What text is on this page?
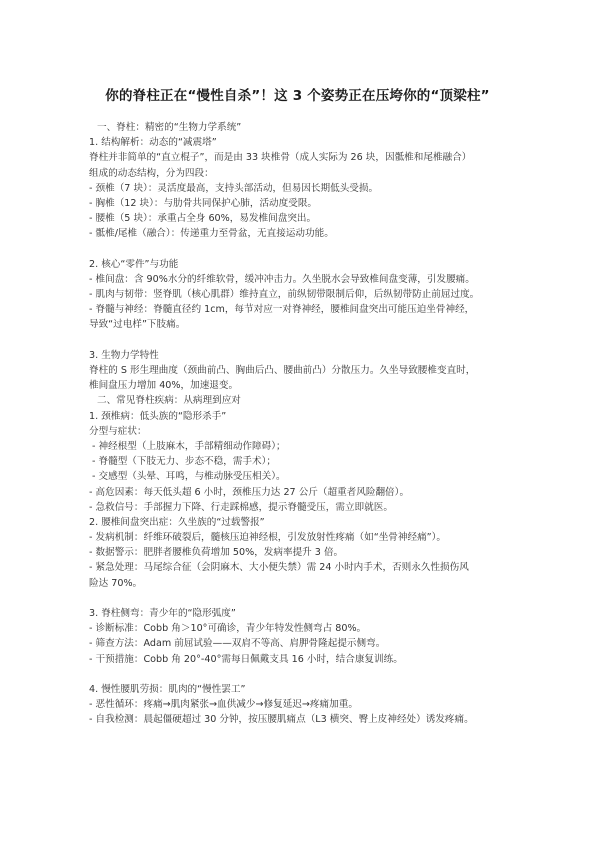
你的脊柱正在“慢性自杀”！这 3 个姿势正在压垮你的“顶梁柱”
一、脊柱：精密的“生物力学系统”
1. 结构解析：动态的“减震塔”
脊柱并非简单的“直立棍子”，而是由 33 块椎骨（成人实际为 26 块，因骶椎和尾椎融合）
组成的动态结构，分为四段：
- 颈椎（7 块）：灵活度最高，支持头部活动，但易因长期低头受损。
- 胸椎（12 块）：与肋骨共同保护心肺，活动度受限。
- 腰椎（5 块）：承重占全身 60%，易发椎间盘突出。
- 骶椎/尾椎（融合）：传递重力至骨盆，无直接运动功能。
2. 核心“零件”与功能
- 椎间盘：含 90%水分的纤维软骨，缓冲冲击力。久坐脱水会导致椎间盘变薄，引发腰痛。
- 肌肉与韧带：竖脊肌（核心肌群）维持直立，前纵韧带限制后仰，后纵韧带防止前屈过度。
- 脊髓与神经：脊髓直径约 1cm，每节对应一对脊神经，腰椎间盘突出可能压迫坐骨神经，
导致“过电样”下肢痛。
3. 生物力学特性
脊柱的 S 形生理曲度（颈曲前凸、胸曲后凸、腰曲前凸）分散压力。久坐导致腰椎变直时，
椎间盘压力增加 40%，加速退变。
二、常见脊柱疾病：从病理到应对
1. 颈椎病：低头族的“隐形杀手”
分型与症状：
- 神经根型（上肢麻木，手部精细动作障碍）；
- 脊髓型（下肢无力、步态不稳，需手术）；
- 交感型（头晕、耳鸣，与椎动脉受压相关）。
- 高危因素：每天低头超 6 小时，颈椎压力达 27 公斤（超重者风险翻倍）。
- 急救信号：手部握力下降、行走踩棉感，提示脊髓受压，需立即就医。
2. 腰椎间盘突出症：久坐族的“过载警报”
- 发病机制：纤维环破裂后，髓核压迫神经根，引发放射性疼痛（如“坐骨神经痛”）。
- 数据警示：肥胖者腰椎负荷增加 50%，发病率提升 3 倍。
- 紧急处理：马尾综合征（会阴麻木、大小便失禁）需 24 小时内手术，否则永久性损伤风
险达 70%。
3. 脊柱侧弯：青少年的“隐形弧度”
- 诊断标准：Cobb 角＞10°可确诊，青少年特发性侧弯占 80%。
- 筛查方法：Adam 前屈试验——双肩不等高、肩胛骨隆起提示侧弯。
- 干预措施：Cobb 角 20°-40°需每日佩戴支具 16 小时，结合康复训练。
4. 慢性腰肌劳损：肌肉的“慢性罢工”
- 恶性循环：疼痛→肌肉紧张→血供减少→修复延迟→疼痛加重。
- 自我检测：晨起僵硬超过 30 分钟，按压腰肌痛点（L3 横突、臀上皮神经处）诱发疼痛。
